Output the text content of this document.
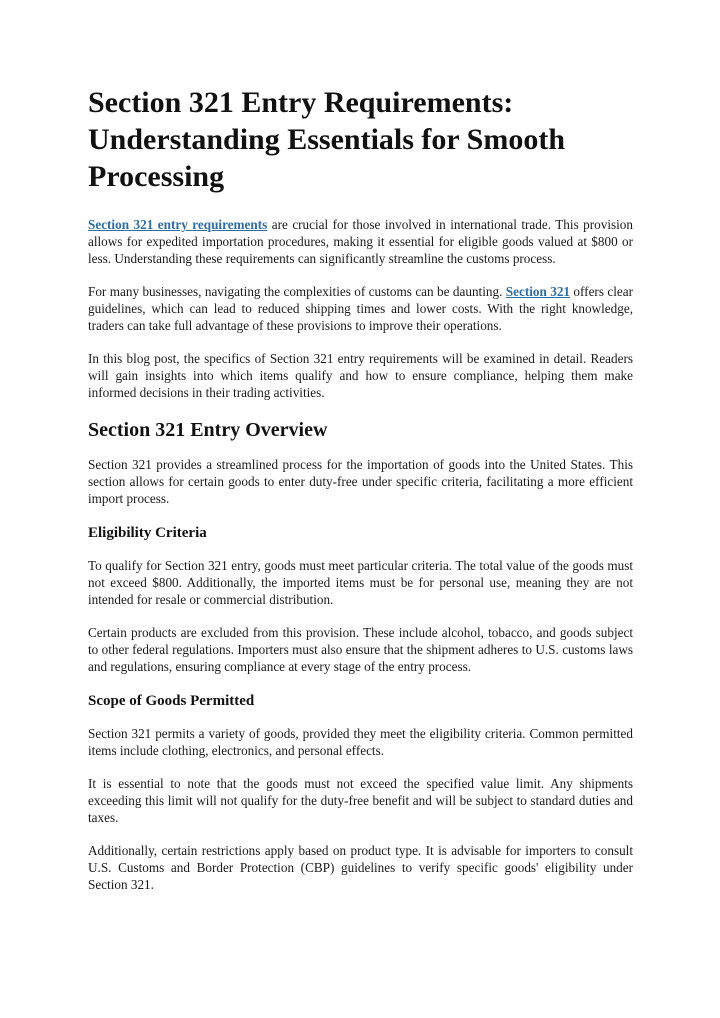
Section 321 Entry Requirements: Understanding Essentials for Smooth Processing

Section 321 entry requirements are crucial for those involved in international trade. This provision allows for expedited importation procedures, making it essential for eligible goods valued at $800 or less. Understanding these requirements can significantly streamline the customs process.

For many businesses, navigating the complexities of customs can be daunting. Section 321 offers clear guidelines, which can lead to reduced shipping times and lower costs. With the right knowledge, traders can take full advantage of these provisions to improve their operations.

In this blog post, the specifics of Section 321 entry requirements will be examined in detail. Readers will gain insights into which items qualify and how to ensure compliance, helping them make informed decisions in their trading activities.

Section 321 Entry Overview

Section 321 provides a streamlined process for the importation of goods into the United States. This section allows for certain goods to enter duty-free under specific criteria, facilitating a more efficient import process.

Eligibility Criteria

To qualify for Section 321 entry, goods must meet particular criteria. The total value of the goods must not exceed $800. Additionally, the imported items must be for personal use, meaning they are not intended for resale or commercial distribution.

Certain products are excluded from this provision. These include alcohol, tobacco, and goods subject to other federal regulations. Importers must also ensure that the shipment adheres to U.S. customs laws and regulations, ensuring compliance at every stage of the entry process.

Scope of Goods Permitted

Section 321 permits a variety of goods, provided they meet the eligibility criteria. Common permitted items include clothing, electronics, and personal effects.

It is essential to note that the goods must not exceed the specified value limit. Any shipments exceeding this limit will not qualify for the duty-free benefit and will be subject to standard duties and taxes.

Additionally, certain restrictions apply based on product type. It is advisable for importers to consult U.S. Customs and Border Protection (CBP) guidelines to verify specific goods' eligibility under Section 321.
